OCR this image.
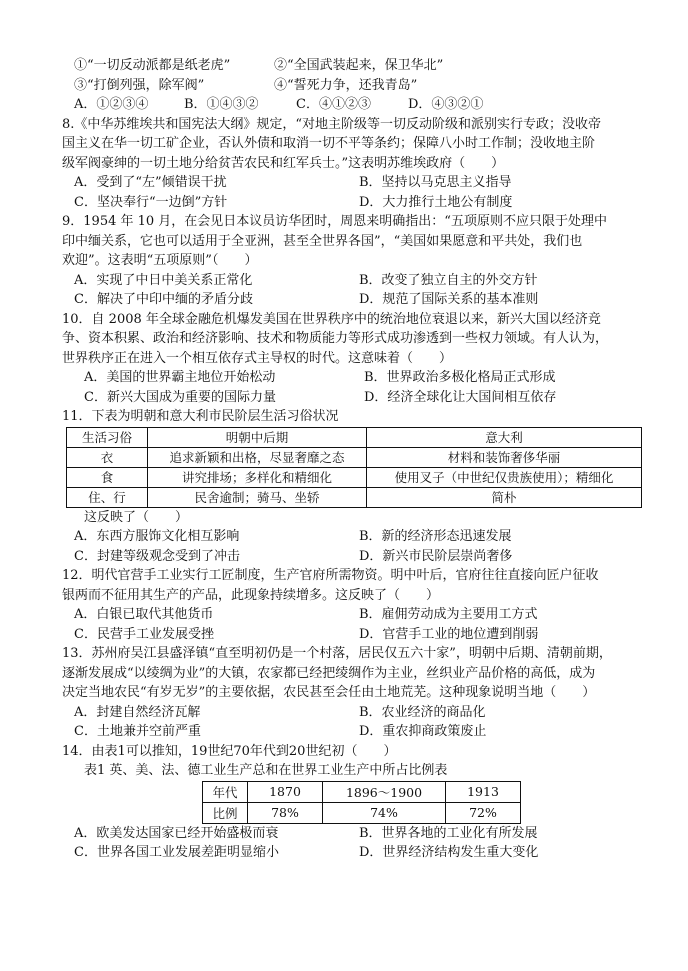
①“一切反动派都是纸老虎”	②“全国武装起来，保卫华北”
③“打倒列强，除军阀”	④“誓死力争，还我青岛”
A．①②③④	B．①④③②	C．④①②③	D．④③②①
8.《中华苏维埃共和国宪法大纲》规定，“对地主阶级等一切反动阶级和派别实行专政；没收帝
国主义在华一切工矿企业，否认外债和取消一切不平等条约；保障八小时工作制；没收地主阶
级军阀豪绅的一切土地分给贫苦农民和红军兵士。”这表明苏维埃政府（　　）
A．受到了“左”倾错误干扰	B．坚持以马克思主义指导
C．坚决奉行“一边倒”方针	D．大力推行土地公有制度
9．1954 年 10 月，在会见日本议员访华团时，周恩来明确指出：“五项原则不应只限于处理中
印中缅关系，它也可以适用于全亚洲，甚至全世界各国”，“美国如果愿意和平共处，我们也
欢迎”。这表明“五项原则”（　　）
A．实现了中日中美关系正常化	B．改变了独立自主的外交方针
C．解决了中印中缅的矛盾分歧	D．规范了国际关系的基本准则
10．自 2008 年全球金融危机爆发美国在世界秩序中的统治地位衰退以来，新兴大国以经济竞
争、资本积累、政治和经济影响、技术和物质能力等形式成功渗透到一些权力领域。有人认为，
世界秩序正在进入一个相互依存式主导权的时代。这意味着（　　）
A．美国的世界霸主地位开始松动	B．世界政治多极化格局正式形成
C．新兴大国成为重要的国际力量	D．经济全球化让大国间相互依存
11．下表为明朝和意大利市民阶层生活习俗状况
生活习俗	明朝中后期	意大利
衣	追求新颖和出格，尽显奢靡之态	材料和装饰奢侈华丽
食	讲究排场；多样化和精细化	使用叉子（中世纪仅贵族使用）；精细化
住、行	民舍逾制；骑马、坐轿	简朴
这反映了（　　）
A．东西方服饰文化相互影响	B．新的经济形态迅速发展
C．封建等级观念受到了冲击	D．新兴市民阶层崇尚奢侈
12．明代官营手工业实行工匠制度，生产官府所需物资。明中叶后，官府往往直接向匠户征收
银两而不征用其生产的产品，此现象持续增多。这反映了（　　）
A．白银已取代其他货币	B．雇佣劳动成为主要用工方式
C．民营手工业发展受挫	D．官营手工业的地位遭到削弱
13．苏州府吴江县盛泽镇“直至明初仍是一个村落，居民仅五六十家”，明朝中后期、清朝前期，
逐渐发展成“以绫绸为业”的大镇，农家都已经把绫绸作为主业，丝织业产品价格的高低，成为
决定当地农民“有岁无岁”的主要依据，农民甚至会任由土地荒芜。这种现象说明当地（　　）
A．封建自然经济瓦解	B．农业经济的商品化
C．土地兼并空前严重	D．重农抑商政策废止
14．由表1可以推知，19世纪70年代到20世纪初（　　）
表1 英、美、法、德工业生产总和在世界工业生产中所占比例表
年代	1870	1896～1900	1913
比例	78%	74%	72%
A．欧美发达国家已经开始盛极而衰	B．世界各地的工业化有所发展
C．世界各国工业发展差距明显缩小	D．世界经济结构发生重大变化
